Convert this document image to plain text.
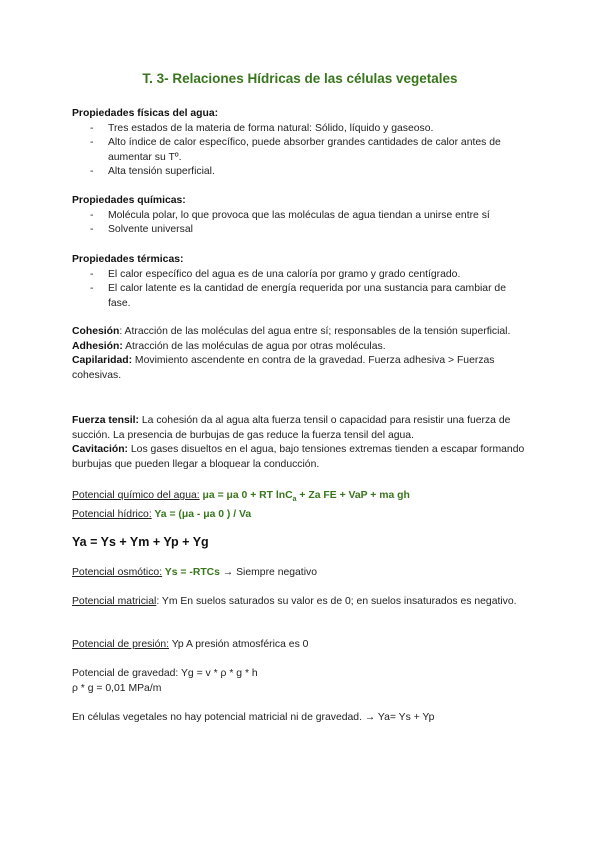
T. 3- Relaciones Hídricas de las células vegetales
Propiedades físicas del agua:
- Tres estados de la materia de forma natural: Sólido, líquido y gaseoso.
- Alto índice de calor específico, puede absorber grandes cantidades de calor antes de aumentar su Tº.
- Alta tensión superficial.
Propiedades químicas:
- Molécula polar, lo que provoca que las moléculas de agua tiendan a unirse entre sí
- Solvente universal
Propiedades térmicas:
- El calor específico del agua es de una caloría por gramo y grado centígrado.
- El calor latente es la cantidad de energía requerida por una sustancia para cambiar de fase.
Cohesión: Atracción de las moléculas del agua entre sí; responsables de la tensión superficial.
Adhesión: Atracción de las moléculas de agua por otras moléculas.
Capilaridad: Movimiento ascendente en contra de la gravedad. Fuerza adhesiva > Fuerzas cohesivas.
Fuerza tensil: La cohesión da al agua alta fuerza tensil o capacidad para resistir una fuerza de succión. La presencia de burbujas de gas reduce la fuerza tensil del agua.
Cavitación: Los gases disueltos en el agua, bajo tensiones extremas tienden a escapar formando burbujas que pueden llegar a bloquear la conducción.
Potencial químico del agua: μa = μa 0 + RT lnC$_a$ + Za FE + VaP + ma gh
Potencial hídrico: Ya = (μa - μa 0 ) / Va
Ya = Ys + Ym + Yp + Yg
Potencial osmótico: Ys = -RTCs → Siempre negativo
Potencial matricial: Ym En suelos saturados su valor es de 0; en suelos insaturados es negativo.
Potencial de presión: Yp A presión atmosférica es 0
Potencial de gravedad: Yg = v * ρ * g * h
ρ * g = 0,01 MPa/m
En células vegetales no hay potencial matricial ni de gravedad. → Ya= Ys + Yp
